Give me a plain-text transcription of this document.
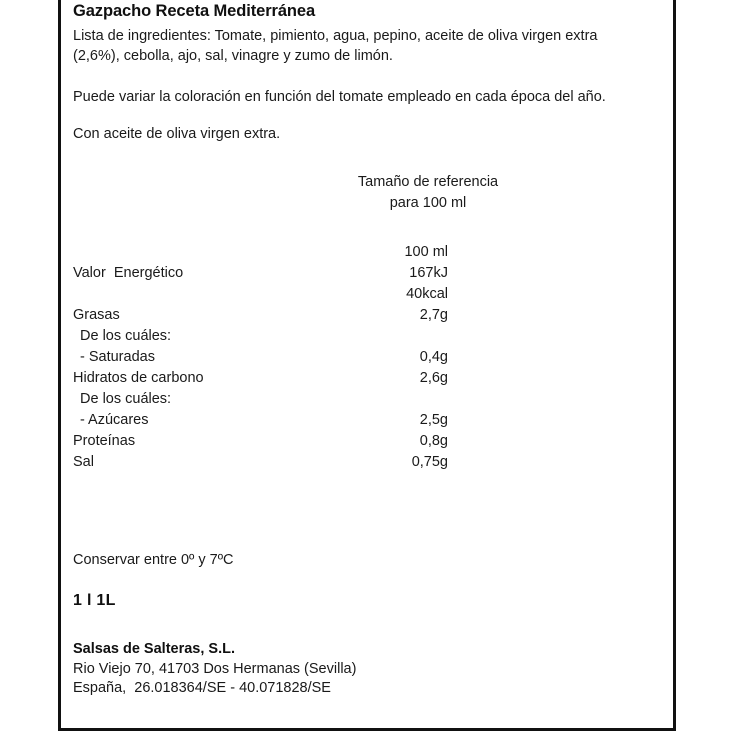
Gazpacho Receta Mediterránea
Lista de ingredientes: Tomate, pimiento, agua, pepino, aceite de oliva virgen extra
(2,6%), cebolla, ajo, sal, vinagre y zumo de limón.
Puede variar la coloración en función del tomate empleado en cada época del año.
Con aceite de oliva virgen extra.
Tamaño de referencia
para 100 ml
100 ml
Valor  Energético	167kJ
40kcal
Grasas	2,7g
De los cuáles:
- Saturadas	0,4g
Hidratos de carbono	2,6g
De los cuáles:
- Azúcares	2,5g
Proteínas	0,8g
Sal	0,75g
Conservar entre 0º y 7ºC
1 l 1L
Salsas de Salteras, S.L.
Rio Viejo 70, 41703 Dos Hermanas (Sevilla)
España,  26.018364/SE - 40.071828/SE
